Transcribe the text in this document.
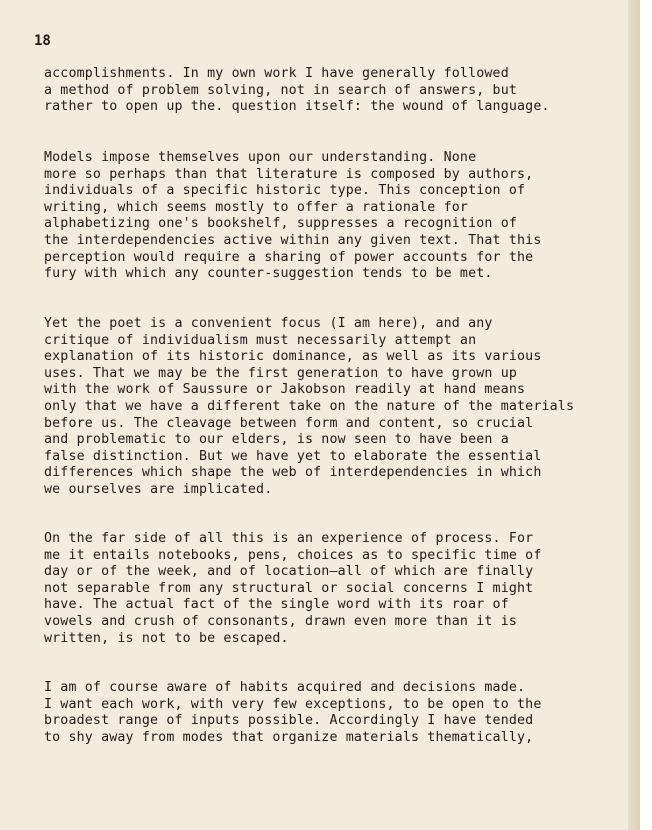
18
accomplishments. In my own work I have generally followed
a method of problem solving, not in search of answers, but
rather to open up the. question itself: the wound of language.
Models impose themselves upon our understanding. None
more so perhaps than that literature is composed by authors,
individuals of a specific historic type. This conception of
writing, which seems mostly to offer a rationale for
alphabetizing one's bookshelf, suppresses a recognition of
the interdependencies active within any given text. That this
perception would require a sharing of power accounts for the
fury with which any counter-suggestion tends to be met.
Yet the poet is a convenient focus (I am here), and any
critique of individualism must necessarily attempt an
explanation of its historic dominance, as well as its various
uses. That we may be the first generation to have grown up
with the work of Saussure or Jakobson readily at hand means
only that we have a different take on the nature of the materials
before us. The cleavage between form and content, so crucial
and problematic to our elders, is now seen to have been a
false distinction. But we have yet to elaborate the essential
differences which shape the web of interdependencies in which
we ourselves are implicated.
On the far side of all this is an experience of process. For
me it entails notebooks, pens, choices as to specific time of
day or of the week, and of location—all of which are finally
not separable from any structural or social concerns I might
have. The actual fact of the single word with its roar of
vowels and crush of consonants, drawn even more than it is
written, is not to be escaped.
I am of course aware of habits acquired and decisions made.
I want each work, with very few exceptions, to be open to the
broadest range of inputs possible. Accordingly I have tended
to shy away from modes that organize materials thematically,
